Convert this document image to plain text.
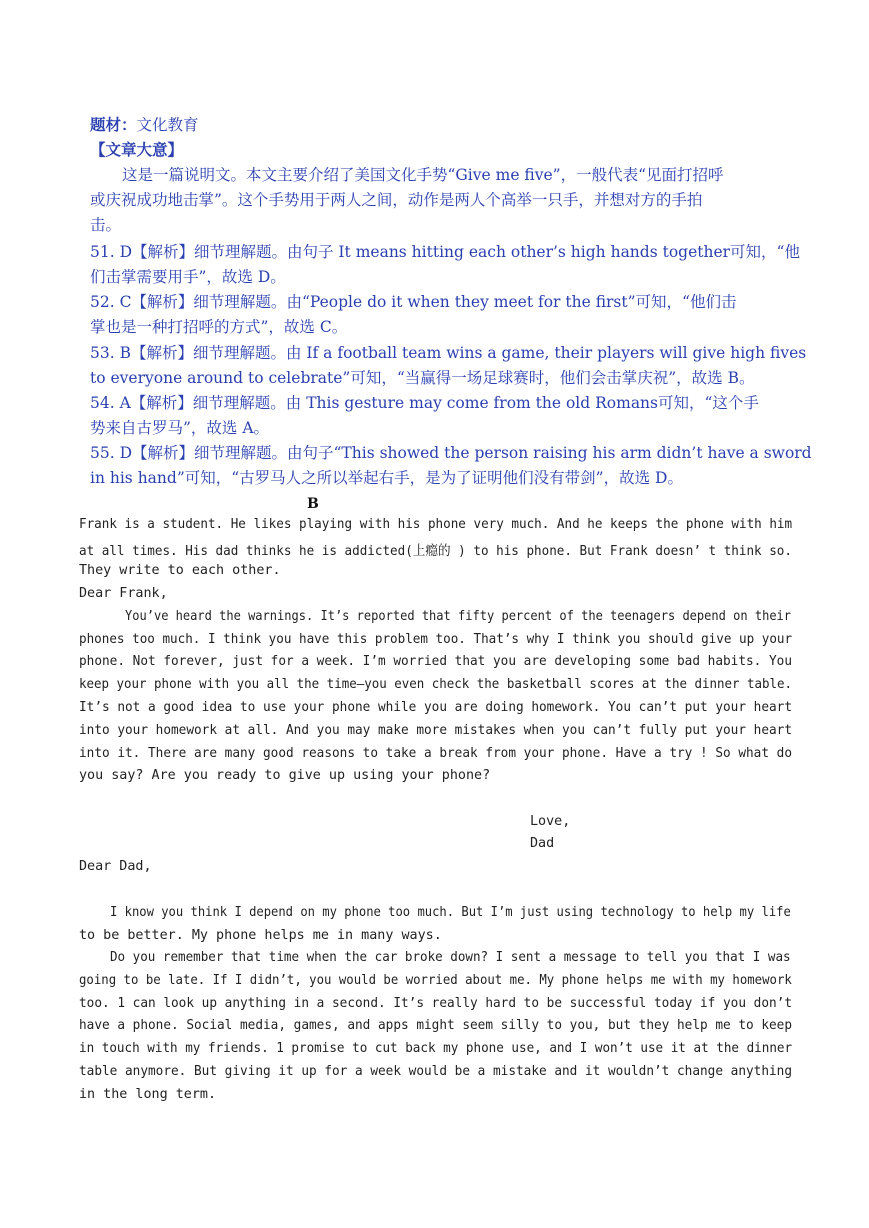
题材：文化教育
【文章大意】
这是一篇说明文。本文主要介绍了美国文化手势“Give me five”，一般代表“见面打招呼
或庆祝成功地击掌”。这个手势用于两人之间，动作是两人个高举一只手，并想对方的手拍
击。
51. D【解析】细节理解题。由句子 It means hitting each other’s high hands together可知，“他
们击掌需要用手”，故选 D。
52. C【解析】细节理解题。由“People do it when they meet for the first”可知，“他们击
掌也是一种打招呼的方式”，故选 C。
53. B【解析】细节理解题。由 If a football team wins a game, their players will give high fives
to everyone around to celebrate”可知，“当赢得一场足球赛时，他们会击掌庆祝”，故选 B。
54. A【解析】细节理解题。由 This gesture may come from the old Romans可知，“这个手
势来自古罗马”，故选 A。
55. D【解析】细节理解题。由句子“This showed the person raising his arm didn’t have a sword
in his hand”可知，“古罗马人之所以举起右手，是为了证明他们没有带剑”，故选 D。
B
Frank is a student. He likes playing with his phone very much. And he keeps the phone with him
at all times. His dad thinks he is addicted(上瘾的 ) to his phone. But Frank doesn’ t think so.
They write to each other.
Dear Frank,
You’ve heard the warnings. It’s reported that fifty percent of the teenagers depend on their
phones too much. I think you have this problem too. That’s why I think you should give up your
phone. Not forever, just for a week. I’m worried that you are developing some bad habits. You
keep your phone with you all the time—you even check the basketball scores at the dinner table.
It’s not a good idea to use your phone while you are doing homework. You can’t put your heart
into your homework at all. And you may make more mistakes when you can’t fully put your heart
into it. There are many good reasons to take a break from your phone. Have a try ! So what do
you say? Are you ready to give up using your phone?
Love,
Dad
Dear Dad,
I know you think I depend on my phone too much. But I’m just using technology to help my life
to be better. My phone helps me in many ways.
Do you remember that time when the car broke down? I sent a message to tell you that I was
going to be late. If I didn’t, you would be worried about me. My phone helps me with my homework
too. 1 can look up anything in a second. It’s really hard to be successful today if you don’t
have a phone. Social media, games, and apps might seem silly to you, but they help me to keep
in touch with my friends. 1 promise to cut back my phone use, and I won’t use it at the dinner
table anymore. But giving it up for a week would be a mistake and it wouldn’t change anything
in the long term.
